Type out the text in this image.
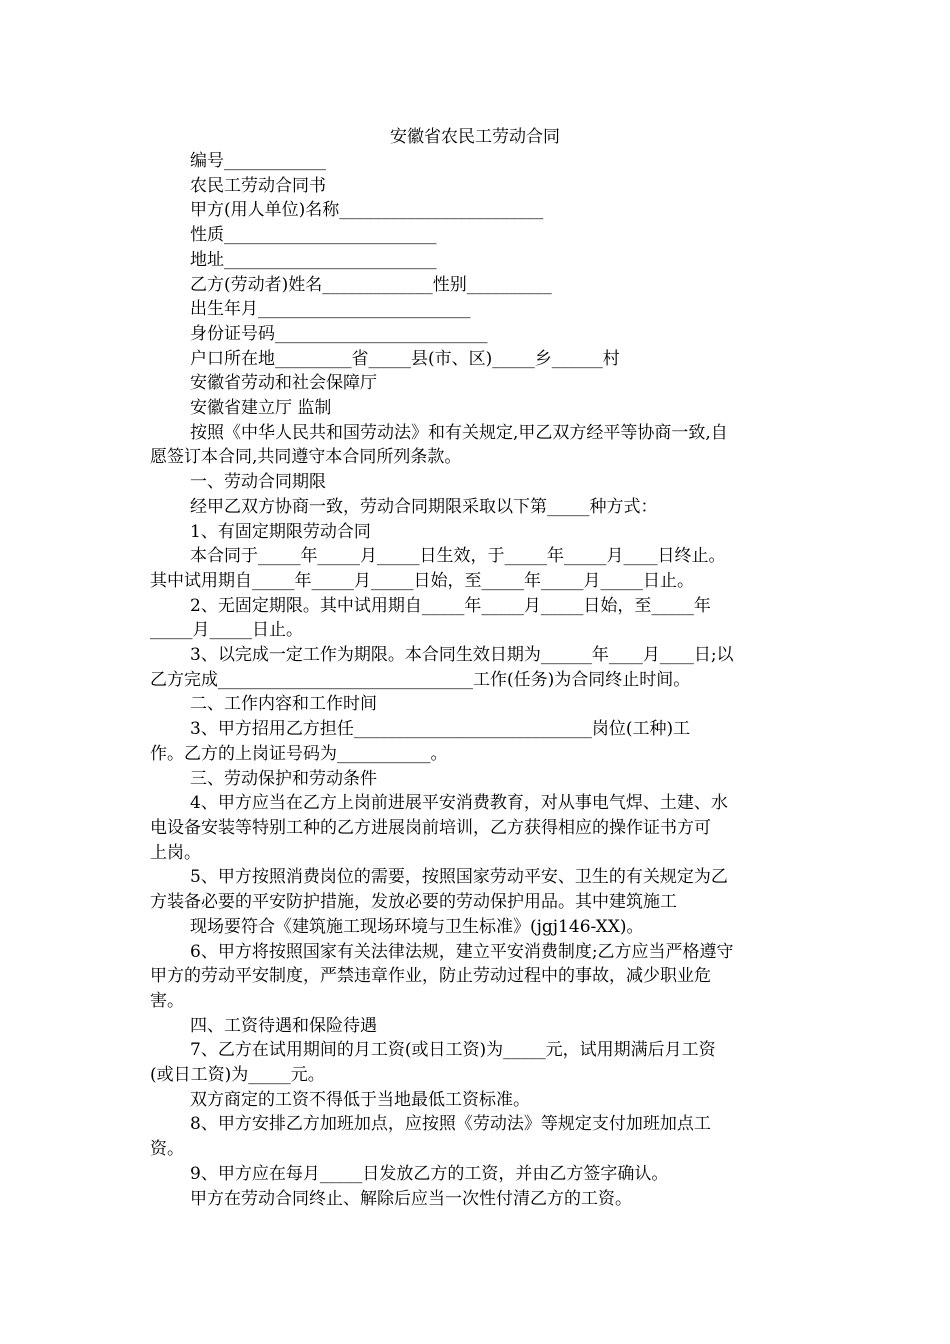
安徽省农民工劳动合同
编号____________
农民工劳动合同书
甲方(用人单位)名称________________________
性质_________________________
地址_________________________
乙方(劳动者)姓名_____________性别__________
出生年月_________________________
身份证号码_________________________
户口所在地_________省_____县(市、区)_____乡______村
安徽省劳动和社会保障厅
安徽省建立厅 监制
按照《中华人民共和国劳动法》和有关规定,甲乙双方经平等协商一致,自
愿签订本合同,共同遵守本合同所列条款。
一、劳动合同期限
经甲乙双方协商一致，劳动合同期限采取以下第_____种方式：
1、有固定期限劳动合同
本合同于_____年_____月_____日生效，于_____年_____月____日终止。
其中试用期自_____年_____月_____日始，至_____年_____月_____日止。
2、无固定期限。其中试用期自_____年_____月_____日始，至_____年
_____月_____日止。
3、以完成一定工作为期限。本合同生效日期为______年____月____日;以
乙方完成______________________________工作(任务)为合同终止时间。
二、工作内容和工作时间
3、甲方招用乙方担任____________________________岗位(工种)工
作。乙方的上岗证号码为___________。
三、劳动保护和劳动条件
4、甲方应当在乙方上岗前进展平安消费教育，对从事电气焊、土建、水
电设备安装等特别工种的乙方进展岗前培训，乙方获得相应的操作证书方可
上岗。
5、甲方按照消费岗位的需要，按照国家劳动平安、卫生的有关规定为乙
方装备必要的平安防护措施，发放必要的劳动保护用品。其中建筑施工
现场要符合《建筑施工现场环境与卫生标准》(jgj146-XX)。
6、甲方将按照国家有关法律法规，建立平安消费制度;乙方应当严格遵守
甲方的劳动平安制度，严禁违章作业，防止劳动过程中的事故，减少职业危
害。
四、工资待遇和保险待遇
7、乙方在试用期间的月工资(或日工资)为_____元，试用期满后月工资
(或日工资)为_____元。
双方商定的工资不得低于当地最低工资标准。
8、甲方安排乙方加班加点，应按照《劳动法》等规定支付加班加点工
资。
9、甲方应在每月_____日发放乙方的工资，并由乙方签字确认。
甲方在劳动合同终止、解除后应当一次性付清乙方的工资。
